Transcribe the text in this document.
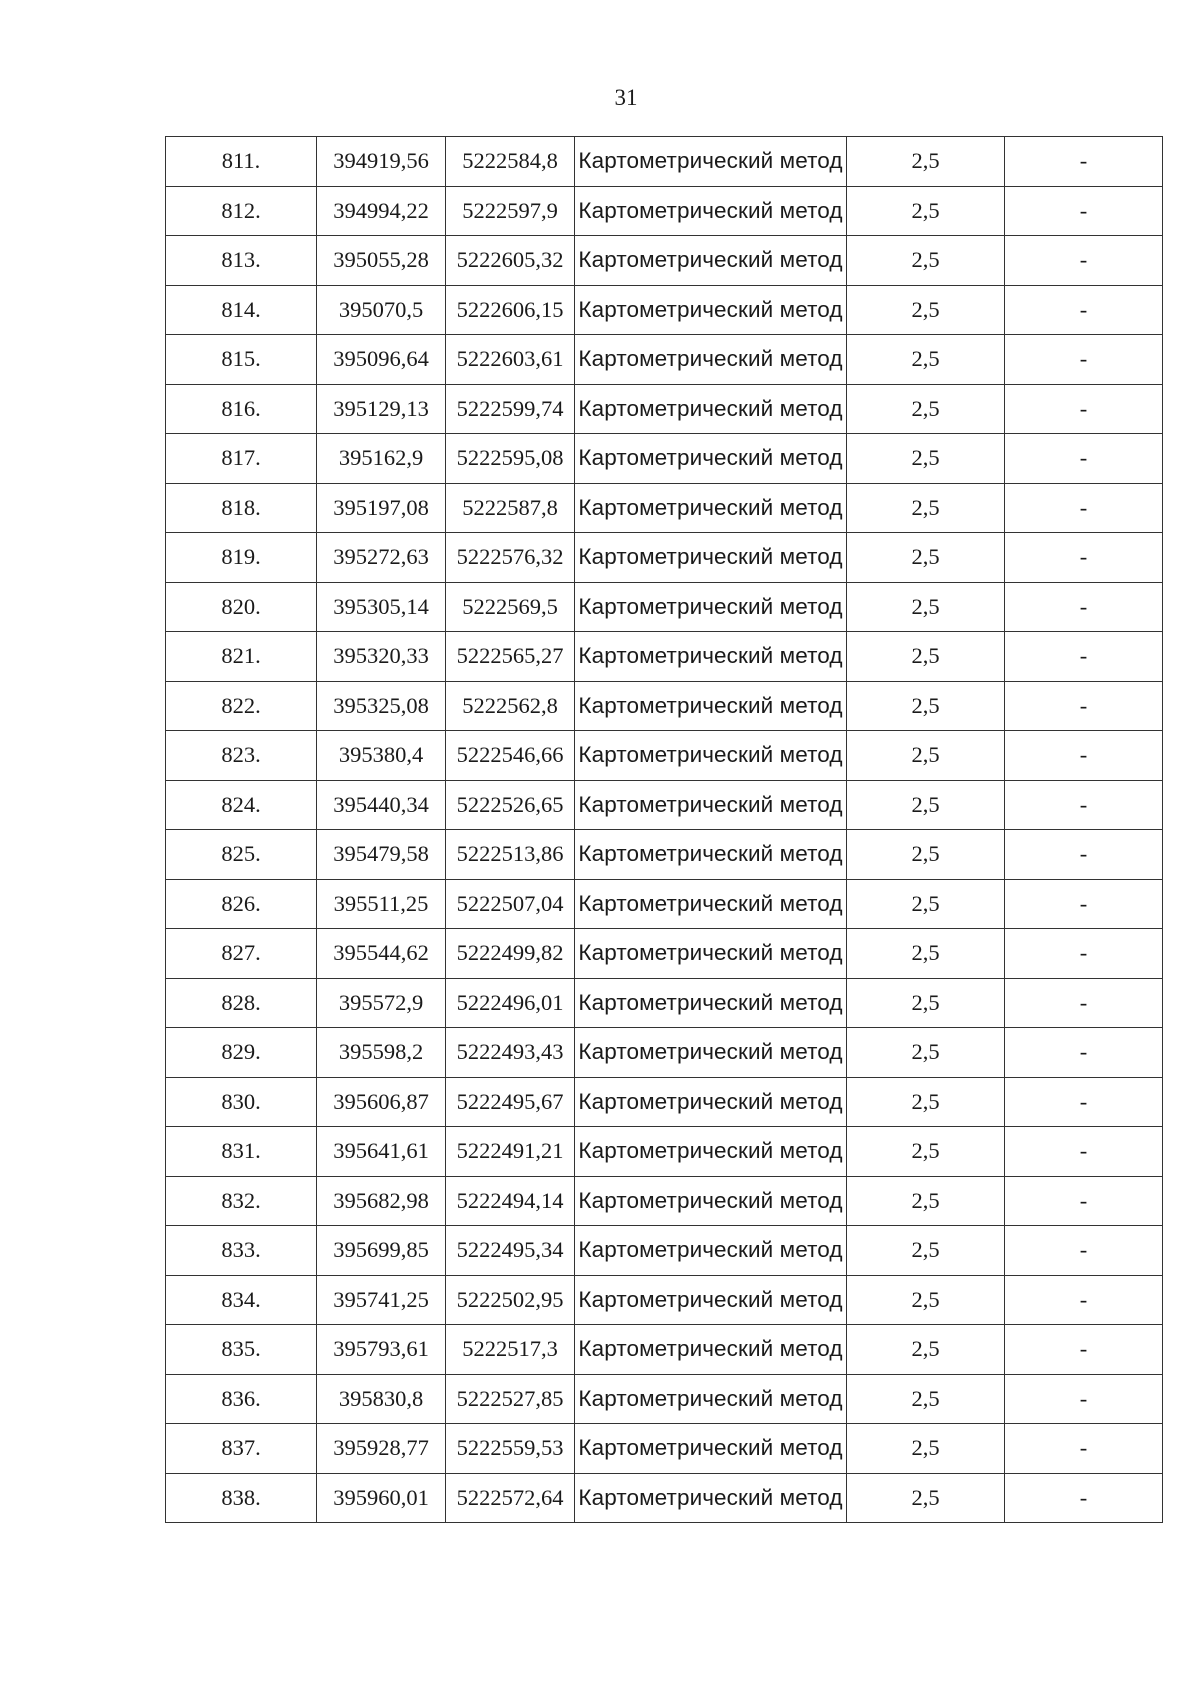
31
811.	394919,56	5222584,8	Картометрический метод	2,5	-
812.	394994,22	5222597,9	Картометрический метод	2,5	-
813.	395055,28	5222605,32	Картометрический метод	2,5	-
814.	395070,5	5222606,15	Картометрический метод	2,5	-
815.	395096,64	5222603,61	Картометрический метод	2,5	-
816.	395129,13	5222599,74	Картометрический метод	2,5	-
817.	395162,9	5222595,08	Картометрический метод	2,5	-
818.	395197,08	5222587,8	Картометрический метод	2,5	-
819.	395272,63	5222576,32	Картометрический метод	2,5	-
820.	395305,14	5222569,5	Картометрический метод	2,5	-
821.	395320,33	5222565,27	Картометрический метод	2,5	-
822.	395325,08	5222562,8	Картометрический метод	2,5	-
823.	395380,4	5222546,66	Картометрический метод	2,5	-
824.	395440,34	5222526,65	Картометрический метод	2,5	-
825.	395479,58	5222513,86	Картометрический метод	2,5	-
826.	395511,25	5222507,04	Картометрический метод	2,5	-
827.	395544,62	5222499,82	Картометрический метод	2,5	-
828.	395572,9	5222496,01	Картометрический метод	2,5	-
829.	395598,2	5222493,43	Картометрический метод	2,5	-
830.	395606,87	5222495,67	Картометрический метод	2,5	-
831.	395641,61	5222491,21	Картометрический метод	2,5	-
832.	395682,98	5222494,14	Картометрический метод	2,5	-
833.	395699,85	5222495,34	Картометрический метод	2,5	-
834.	395741,25	5222502,95	Картометрический метод	2,5	-
835.	395793,61	5222517,3	Картометрический метод	2,5	-
836.	395830,8	5222527,85	Картометрический метод	2,5	-
837.	395928,77	5222559,53	Картометрический метод	2,5	-
838.	395960,01	5222572,64	Картометрический метод	2,5	-
